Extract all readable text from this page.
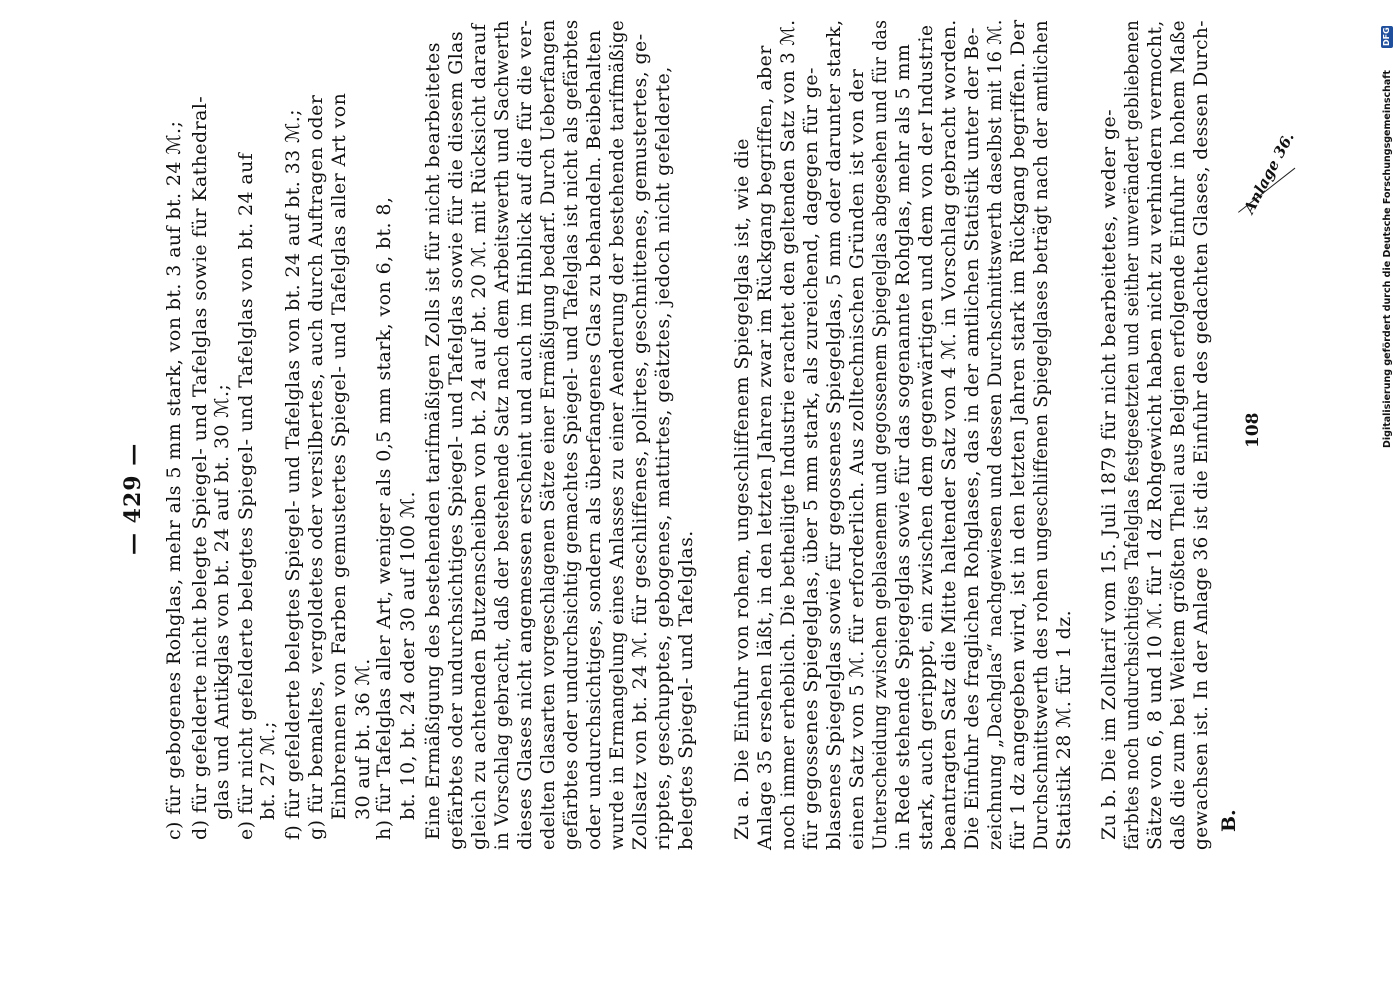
— 429 — c) für gebogenes Rohglas, mehr als 5 mm stark, von bt. 3 auf bt. 24 ℳ.; d) für gefelderte nicht belegte Spiegel- und Tafelglas sowie für Kathedral- glas und Antikglas von bt. 24 auf bt. 30 ℳ.; e) für nicht gefelderte belegtes Spiegel- und Tafelglas von bt. 24 auf bt. 27 ℳ.; f) für gefelderte belegtes Spiegel- und Tafelglas von bt. 24 auf bt. 33 ℳ.; g) für bemaltes, vergoldetes oder versilbertes, auch durch Auftragen oder Einbrennen von Farben gemustertes Spiegel- und Tafelglas aller Art von 30 auf bt. 36 ℳ. h) für Tafelglas aller Art, weniger als 0,5 mm stark, von 6, bt. 8, bt. 10, bt. 24 oder 30 auf 100 ℳ. Eine Ermäßigung des bestehenden tarifmäßigen Zolls ist für nicht bearbeitetes gefärbtes oder undurchsichtiges Spiegel- und Tafelglas sowie für die diesem Glas gleich zu achtenden Butzenscheiben von bt. 24 auf bt. 20 ℳ. mit Rücksicht darauf in Vorschlag gebracht, daß der bestehende Satz nach dem Arbeitswerth und Sachwerth dieses Glases nicht angemessen erscheint und auch im Hinblick auf die für die ver- edelten Glasarten vorgeschlagenen Sätze einer Ermäßigung bedarf. Durch Ueberfangen gefärbtes oder undurchsichtig gemachtes Spiegel- und Tafelglas ist nicht als gefärbtes oder undurchsichtiges, sondern als überfangenes Glas zu behandeln. Beibehalten wurde in Ermangelung eines Anlasses zu einer Aenderung der bestehende tarifmäßige Zollsatz von bt. 24 ℳ. für geschliffenes, polirtes, geschnittenes, gemustertes, ge- ripptes, geschupptes, gebogenes, mattirtes, geätztes, jedoch nicht gefelderte, belegtes Spiegel- und Tafelglas. Zu a. Die Einfuhr von rohem, ungeschliffenem Spiegelglas ist, wie die Anlage 35 ersehen läßt, in den letzten Jahren zwar im Rückgang begriffen, aber noch immer erheblich. Die betheiligte Industrie erachtet den geltenden Satz von 3 ℳ. für gegossenes Spiegelglas, über 5 mm stark, als zureichend, dagegen für ge- blasenes Spiegelglas sowie für gegossenes Spiegelglas, 5 mm oder darunter stark, einen Satz von 5 ℳ. für erforderlich. Aus zolltechnischen Gründen ist von der Unterscheidung zwischen geblasenem und gegossenem Spiegelglas abgesehen und für das in Rede stehende Spiegelglas sowie für das sogenannte Rohglas, mehr als 5 mm stark, auch geripppt, ein zwischen dem gegenwärtigen und dem von der Industrie beantragten Satz die Mitte haltender Satz von 4 ℳ. in Vorschlag gebracht worden. Die Einfuhr des fraglichen Rohglases, das in der amtlichen Statistik unter der Be- zeichnung „Dachglas“ nachgewiesen und dessen Durchschnittswerth daselbst mit 16 ℳ. für 1 dz angegeben wird, ist in den letzten Jahren stark im Rückgang begriffen. Der Durchschnittswerth des rohen ungeschliffenen Spiegelglases beträgt nach der amtlichen Statistik 28 ℳ. für 1 dz. Zu b. Die im Zolltarif vom 15. Juli 1879 für nicht bearbeitetes, weder ge- färbtes noch undurchsichtiges Tafelglas festgesetzten und seither unverändert gebliebenen Sätze von 6, 8 und 10 ℳ. für 1 dz Rohgewicht haben nicht zu verhindern vermocht, daß die zum bei Weitem größten Theil aus Belgien erfolgende Einfuhr in hohem Maße gewachsen ist. In der Anlage 36 ist die Einfuhr des gedachten Glases, dessen Durch- B.
108
Anlage 36.	Digitalisierung gefördert durch die Deutsche Forschungsgemeinschaft
DFG
